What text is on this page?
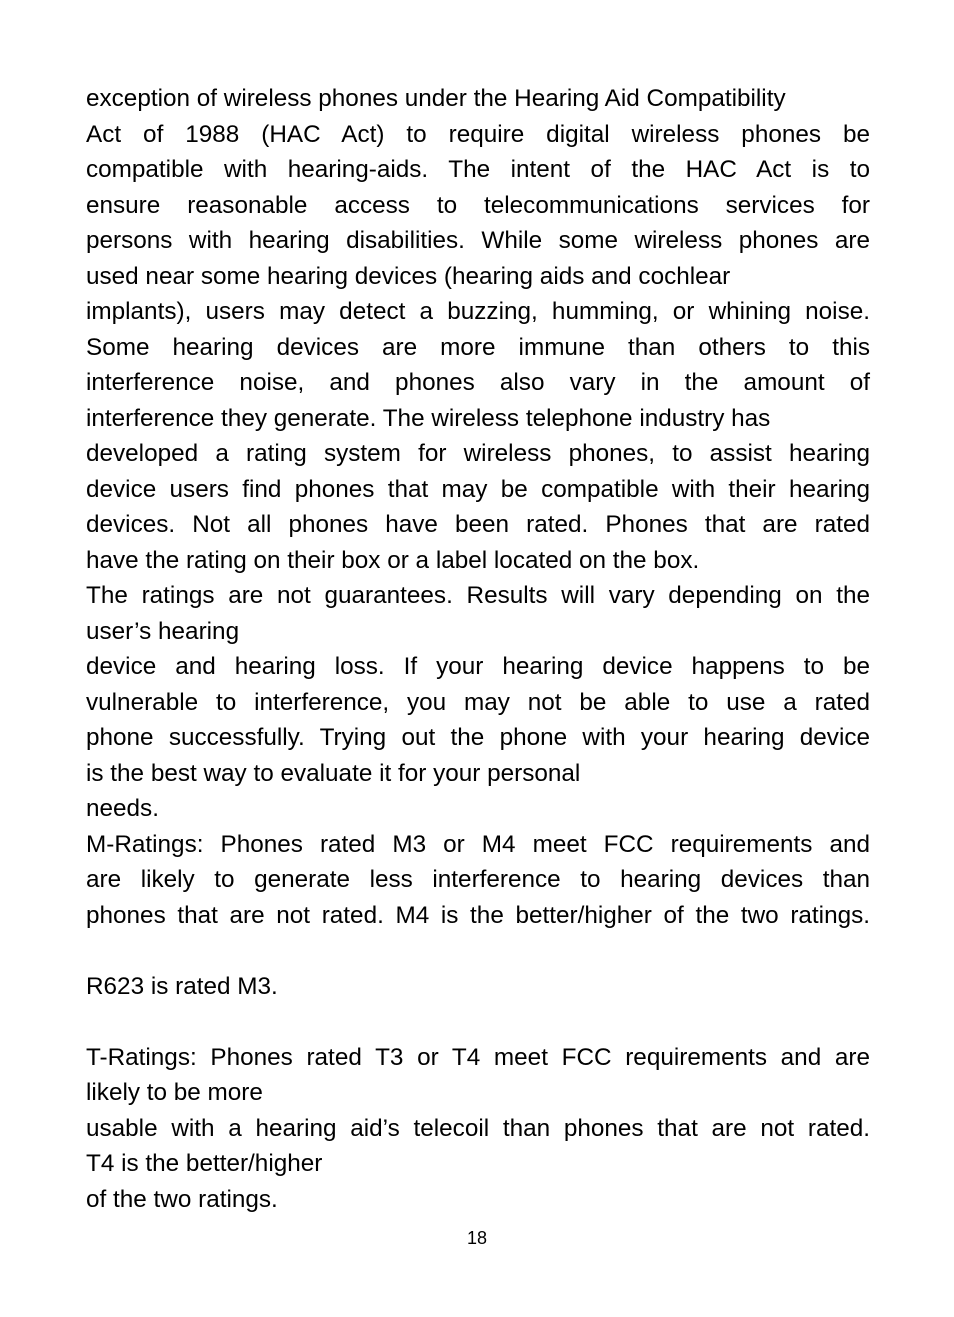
exception of wireless phones under the Hearing Aid Compatibility
Act of 1988 (HAC Act) to require digital wireless phones be
compatible with hearing-aids. The intent of the HAC Act is to
ensure reasonable access to telecommunications services for
persons with hearing disabilities. While some wireless phones are
used near some hearing devices (hearing aids and cochlear
implants), users may detect a buzzing, humming, or whining noise.
Some hearing devices are more immune than others to this
interference noise, and phones also vary in the amount of
interference they generate. The wireless telephone industry has
developed a rating system for wireless phones, to assist hearing
device users find phones that may be compatible with their hearing
devices. Not all phones have been rated. Phones that are rated
have the rating on their box or a label located on the box.
The ratings are not guarantees. Results will vary depending on the
user’s hearing
device and hearing loss. If your hearing device happens to be
vulnerable to interference, you may not be able to use a rated
phone successfully. Trying out the phone with your hearing device
is the best way to evaluate it for your personal
needs.
M-Ratings: Phones rated M3 or M4 meet FCC requirements and
are likely to generate less interference to hearing devices than
phones that are not rated. M4 is the better/higher of the two ratings.
R623 is rated M3.
T-Ratings: Phones rated T3 or T4 meet FCC requirements and are
likely to be more
usable with a hearing aid’s telecoil than phones that are not rated.
T4 is the better/higher
of the two ratings.
18
